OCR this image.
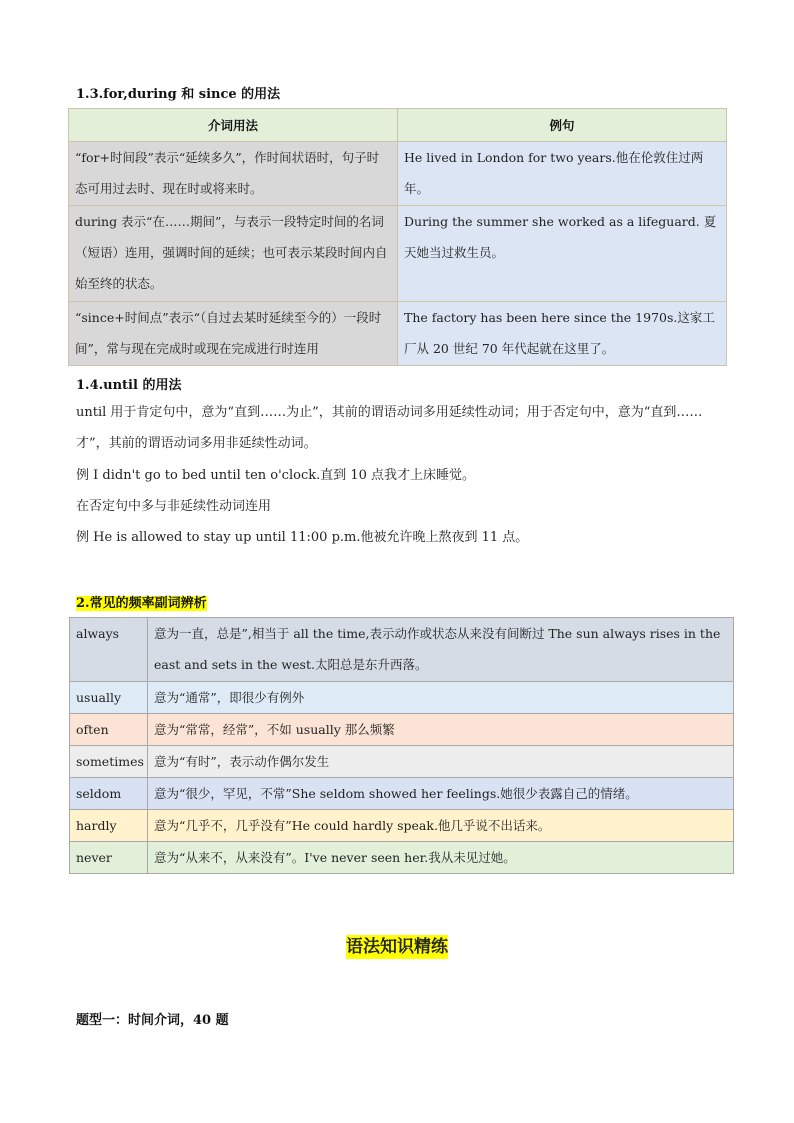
1.3.for,during 和 since 的用法
介词用法	例句
“for+时间段”表示“延续多久”，作时间状语时，句子时态可用过去时、现在时或将来时。	He lived in London for two years.他在伦敦住过两年。
during 表示“在……期间”，与表示一段特定时间的名词（短语）连用，强调时间的延续；也可表示某段时间内自始至终的状态。	During the summer she worked as a lifeguard. 夏天她当过救生员。
“since+时间点”表示“（自过去某时延续至今的）一段时间”，常与现在完成时或现在完成进行时连用	The factory has been here since the 1970s.这家工厂从 20 世纪 70 年代起就在这里了。
1.4.until 的用法
until 用于肯定句中，意为“直到……为止”，其前的谓语动词多用延续性动词；用于否定句中，意为“直到……才”，其前的谓语动词多用非延续性动词。
例 I didn't go to bed until ten o'clock.直到 10 点我才上床睡觉。
在否定句中多与非延续性动词连用
例 He is allowed to stay up until 11:00 p.m.他被允许晚上熬夜到 11 点。
2.常见的频率副词辨析
always	意为一直，总是”,相当于 all the time,表示动作或状态从来没有间断过 The sun always rises in the east and sets in the west.太阳总是东升西落。
usually	意为“通常”，即很少有例外
often	意为“常常，经常”，不如 usually 那么频繁
sometimes	意为“有时”，表示动作偶尔发生
seldom	意为“很少，罕见，不常”She seldom showed her feelings.她很少表露自己的情绪。
hardly	意为“几乎不，几乎没有”He could hardly speak.他几乎说不出话来。
never	意为“从来不，从来没有”。I've never seen her.我从未见过她。
语法知识精练
题型一：时间介词，40 题
